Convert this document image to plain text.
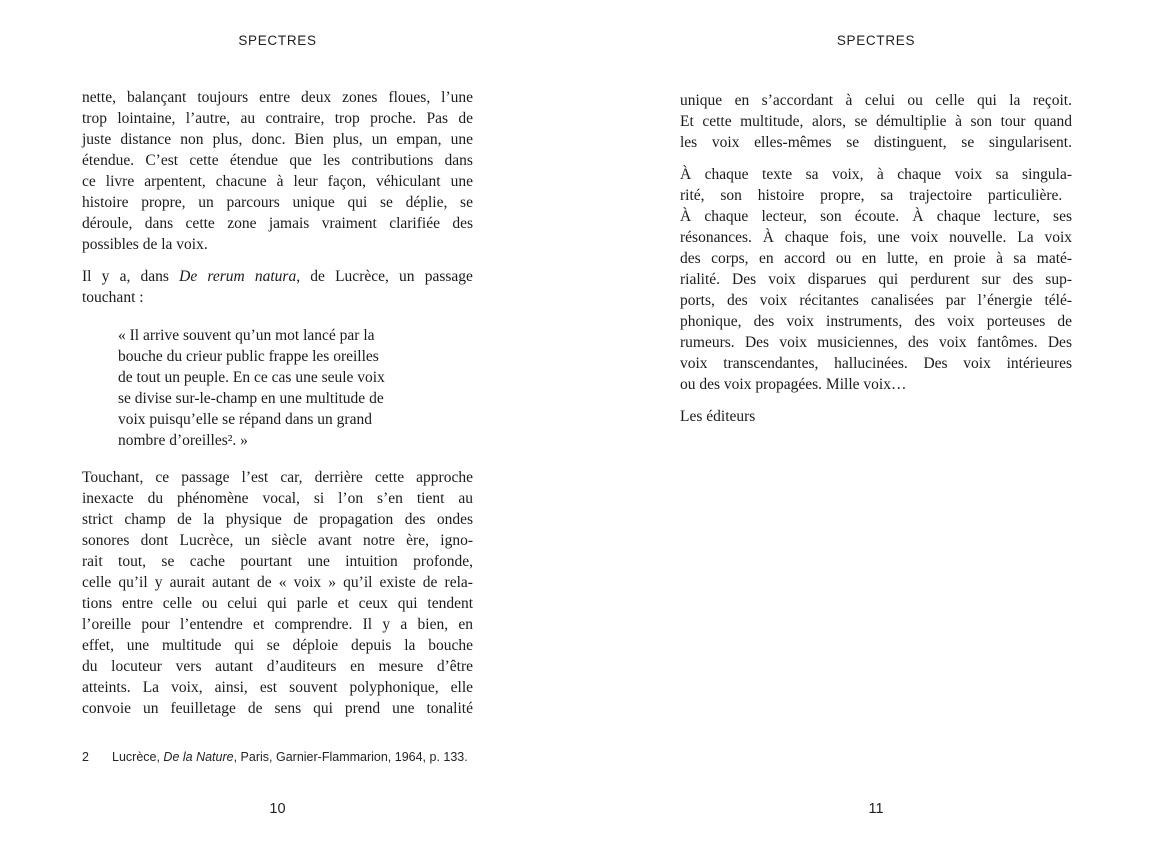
SPECTRES
nette, balançant toujours entre deux zones floues, l’une
trop lointaine, l’autre, au contraire, trop proche. Pas de
juste distance non plus, donc. Bien plus, un empan, une
étendue. C’est cette étendue que les contributions dans
ce livre arpentent, chacune à leur façon, véhiculant une
histoire propre, un parcours unique qui se déplie, se
déroule, dans cette zone jamais vraiment clarifiée des
possibles de la voix.
Il y a, dans De rerum natura, de Lucrèce, un passage
touchant :
« Il arrive souvent qu’un mot lancé par la
bouche du crieur public frappe les oreilles
de tout un peuple. En ce cas une seule voix
se divise sur-le-champ en une multitude de
voix puisqu’elle se répand dans un grand
nombre d’oreilles². »
Touchant, ce passage l’est car, derrière cette approche
inexacte du phénomène vocal, si l’on s’en tient au
strict champ de la physique de propagation des ondes
sonores dont Lucrèce, un siècle avant notre ère, igno-
rait tout, se cache pourtant une intuition profonde,
celle qu’il y aurait autant de « voix » qu’il existe de rela-
tions entre celle ou celui qui parle et ceux qui tendent
l’oreille pour l’entendre et comprendre. Il y a bien, en
effet, une multitude qui se déploie depuis la bouche
du locuteur vers autant d’auditeurs en mesure d’être
atteints. La voix, ainsi, est souvent polyphonique, elle
convoie un feuilletage de sens qui prend une tonalité
2	Lucrèce, De la Nature, Paris, Garnier-Flammarion, 1964, p. 133.
10
SPECTRES
unique en s’accordant à celui ou celle qui la reçoit.
Et cette multitude, alors, se démultiplie à son tour quand
les voix elles-mêmes se distinguent, se singularisent.
À chaque texte sa voix, à chaque voix sa singula-
rité, son histoire propre, sa trajectoire particulière.
À chaque lecteur, son écoute. À chaque lecture, ses
résonances. À chaque fois, une voix nouvelle. La voix
des corps, en accord ou en lutte, en proie à sa maté-
rialité. Des voix disparues qui perdurent sur des sup-
ports, des voix récitantes canalisées par l’énergie télé-
phonique, des voix instruments, des voix porteuses de
rumeurs. Des voix musiciennes, des voix fantômes. Des
voix transcendantes, hallucinées. Des voix intérieures
ou des voix propagées. Mille voix…
Les éditeurs
11
